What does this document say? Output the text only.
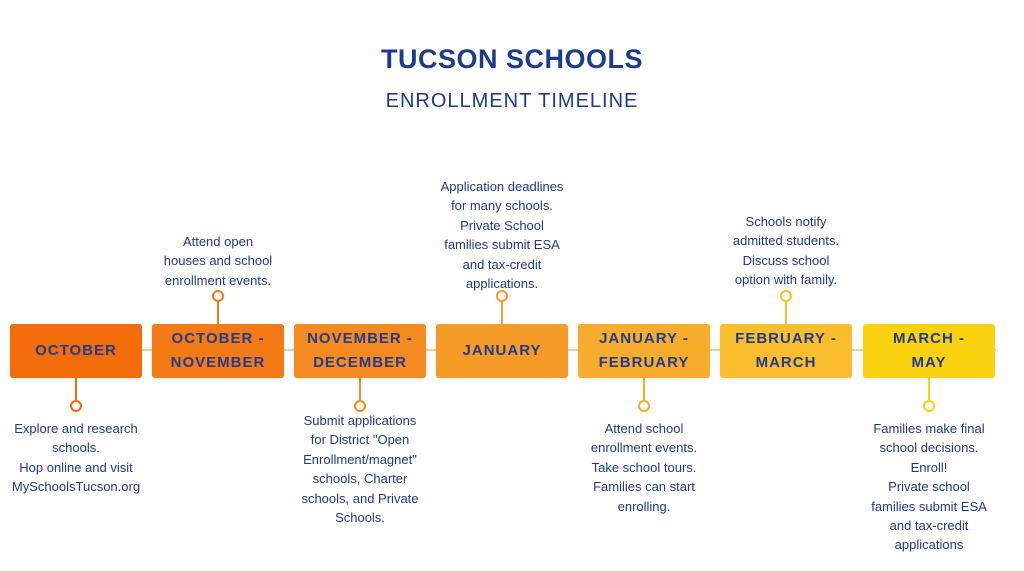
TUCSON SCHOOLS
ENROLLMENT TIMELINE
OCTOBER
Explore and research
schools.
Hop online and visit
MySchoolsTucson.org
OCTOBER -
NOVEMBER
Attend open
houses and school
enrollment events.
NOVEMBER -
DECEMBER
Submit applications
for District "Open
Enrollment/magnet"
schools, Charter
schools, and Private
Schools.
JANUARY
Application deadlines
for many schools.
Private School
families submit ESA
and tax-credit
applications.
JANUARY -
FEBRUARY
Attend school
enrollment events.
Take school tours.
Families can start
enrolling.
FEBRUARY -
MARCH
Schools notify
admitted students.
Discuss school
option with family.
MARCH -
MAY
Families make final
school decisions.
Enroll!
Private school
families submit ESA
and tax-credit
applications
